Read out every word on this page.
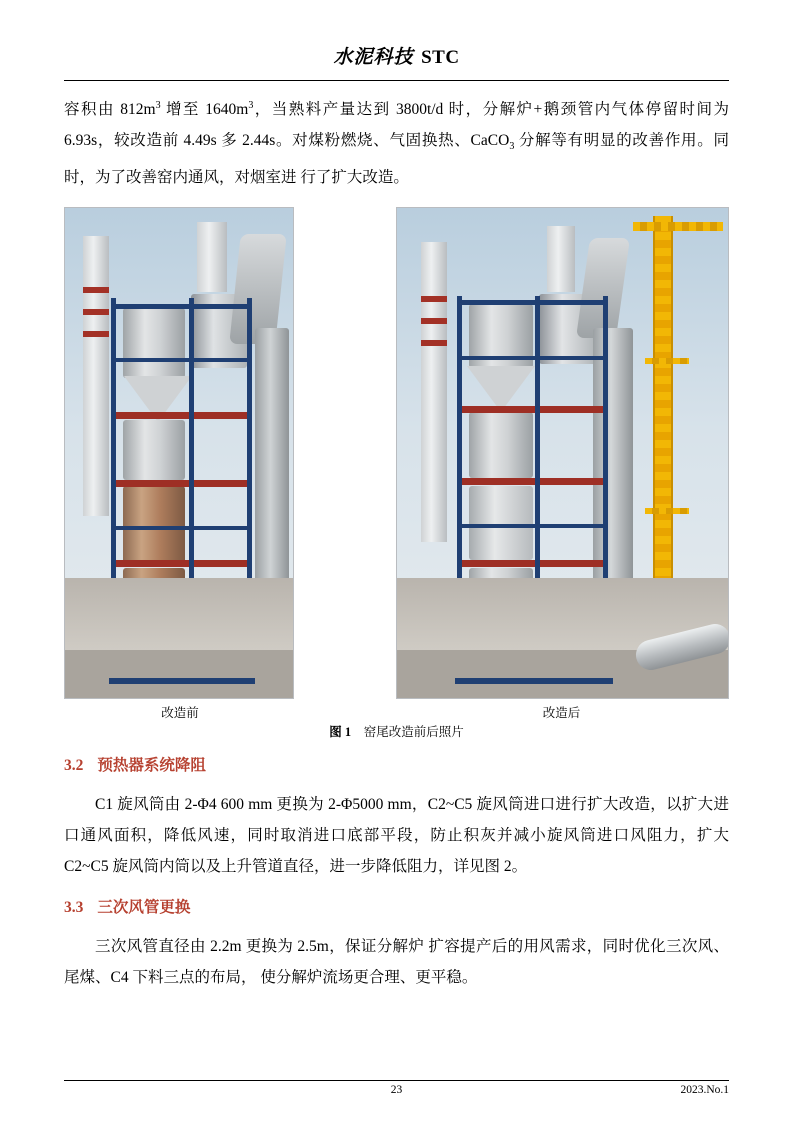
水泥科技 STC

容积由 $812m^3$ 增至 $1640m^3$，当熟料产量达到 3800t/d 时，分解炉+鹅颈管内气体停留时间为 6.93s，较改造前 4.49s 多 2.44s。对煤粉燃烧、气固换热、CaCO$_3$ 分解等有明显的改善作用。同时，为了改善窑内通风，对烟室进 行了扩大改造。

改造前	改造后
图 1 窑尾改造前后照片
3.2 预热器系统降阻

C1 旋风筒由 2-Φ4 600 mm 更换为 2-Φ5000 mm，C2~C5 旋风筒进口进行扩大改造，以扩大进口通风面积，降低风速，同时取消进口底部平段，防止积灰并减小旋风筒进口风阻力，扩大 C2~C5 旋风筒内筒以及上升管道直径，进一步降低阻力，详见图 2。

3.3 三次风管更换

三次风管直径由 2.2m 更换为 2.5m，保证分解炉 扩容提产后的用风需求，同时优化三次风、尾煤、C4 下料三点的布局， 使分解炉流场更合理、更平稳。

23	2023.No.1
